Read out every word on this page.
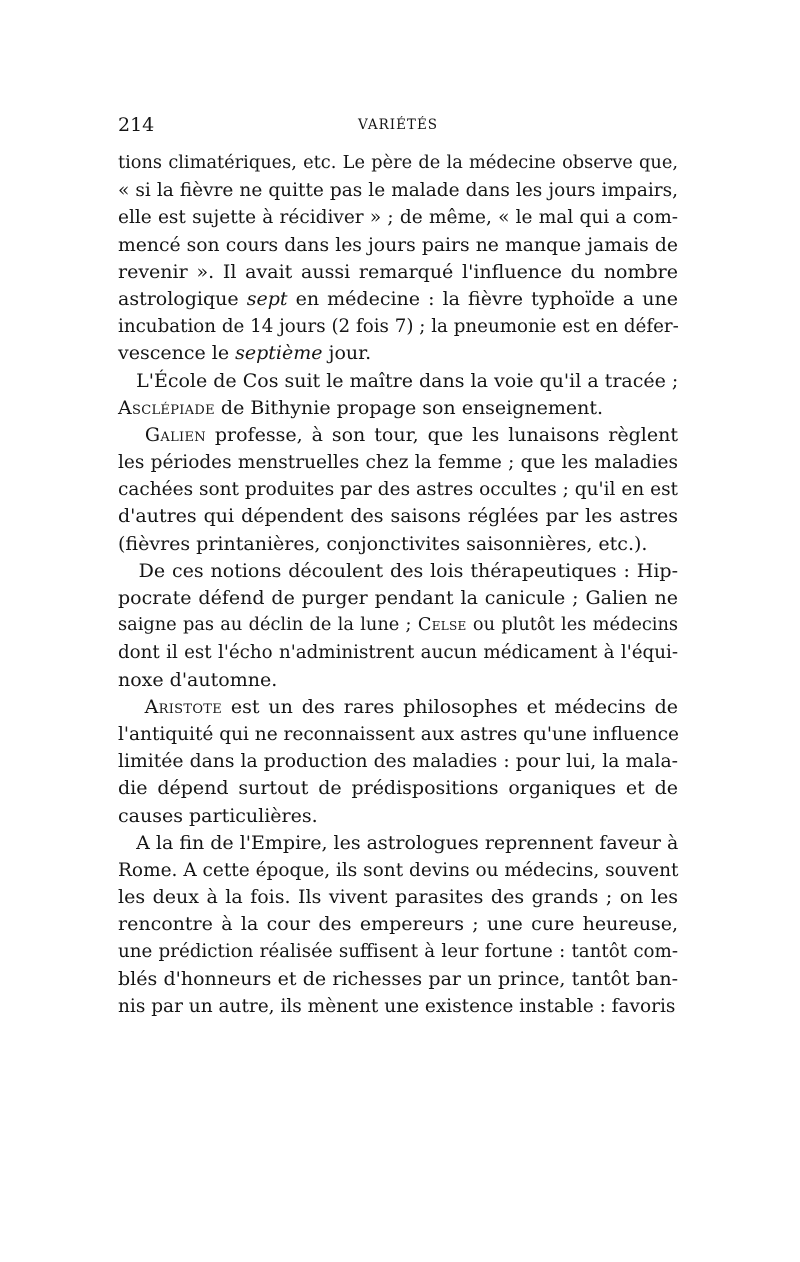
214	VARIÉTÉS
tions climatériques, etc. Le père de la médecine observe que,
« si la fièvre ne quitte pas le malade dans les jours impairs,
elle est sujette à récidiver » ; de même, « le mal qui a com-
mencé son cours dans les jours pairs ne manque jamais de
revenir ». Il avait aussi remarqué l'influence du nombre
astrologique sept en médecine : la fièvre typhoïde a une
incubation de 14 jours (2 fois 7) ; la pneumonie est en défer-
vescence le septième jour.
L'École de Cos suit le maître dans la voie qu'il a tracée ;
Asclépiade de Bithynie propage son enseignement.
Galien professe, à son tour, que les lunaisons règlent
les périodes menstruelles chez la femme ; que les maladies
cachées sont produites par des astres occultes ; qu'il en est
d'autres qui dépendent des saisons réglées par les astres
(fièvres printanières, conjonctivites saisonnières, etc.).
De ces notions découlent des lois thérapeutiques : Hip-
pocrate défend de purger pendant la canicule ; Galien ne
saigne pas au déclin de la lune ; Celse ou plutôt les médecins
dont il est l'écho n'administrent aucun médicament à l'équi-
noxe d'automne.
Aristote est un des rares philosophes et médecins de
l'antiquité qui ne reconnaissent aux astres qu'une influence
limitée dans la production des maladies : pour lui, la mala-
die dépend surtout de prédispositions organiques et de
causes particulières.
A la fin de l'Empire, les astrologues reprennent faveur à
Rome. A cette époque, ils sont devins ou médecins, souvent
les deux à la fois. Ils vivent parasites des grands ; on les
rencontre à la cour des empereurs ; une cure heureuse,
une prédiction réalisée suffisent à leur fortune : tantôt com-
blés d'honneurs et de richesses par un prince, tantôt ban-
nis par un autre, ils mènent une existence instable : favoris
